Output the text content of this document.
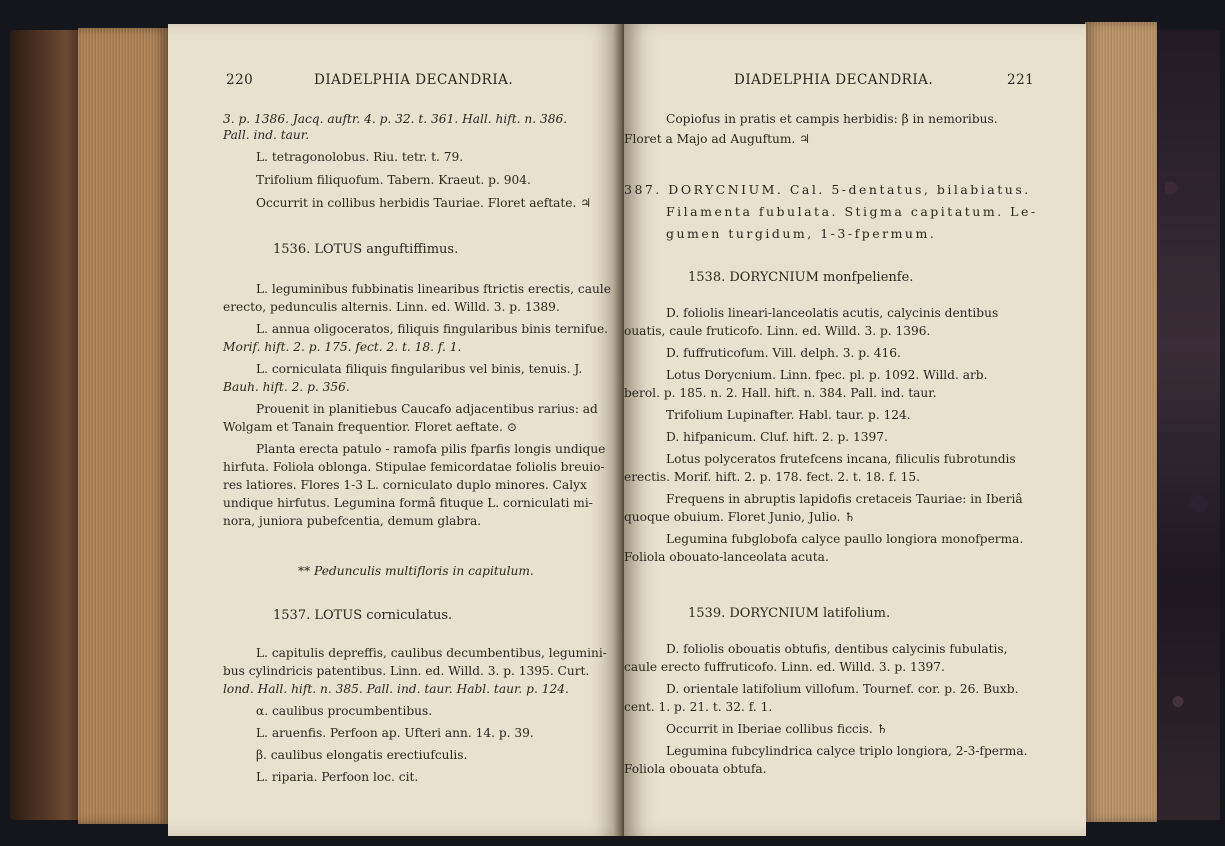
220	DIADELPHIA DECANDRIA.
3. p. 1386. Jacq. auftr. 4. p. 32. t. 361. Hall. hift. n. 386.
Pall. ind. taur.
L. tetragonolobus. Riu. tetr. t. 79.
Trifolium filiquofum. Tabern. Kraeut. p. 904.
Occurrit in collibus herbidis Tauriae. Floret aeftate. ♃
1536. LOTUS anguftiffimus.
L. leguminibus fubbinatis linearibus ftrictis erectis, caule
erecto, pedunculis alternis. Linn. ed. Willd. 3. p. 1389.
L. annua oligoceratos, filiquis fingularibus binis ternifue.
Morif. hift. 2. p. 175. fect. 2. t. 18. f. 1.
L. corniculata filiquis fingularibus vel binis, tenuis. J.
Bauh. hift. 2. p. 356.
Prouenit in planitiebus Caucafo adjacentibus rarius: ad
Wolgam et Tanain frequentior. Floret aeftate. ⊙
Planta erecta patulo - ramofa pilis fparfis longis undique
hirfuta. Foliola oblonga. Stipulae femicordatae foliolis breuio-
res latiores. Flores 1-3 L. corniculato duplo minores. Calyx
undique hirfutus. Legumina formâ fituque L. corniculati mi-
nora, juniora pubefcentia, demum glabra.
** Pedunculis multifloris in capitulum.
1537. LOTUS corniculatus.
L. capitulis depreffis, caulibus decumbentibus, legumini-
bus cylindricis patentibus. Linn. ed. Willd. 3. p. 1395. Curt.
lond. Hall. hift. n. 385. Pall. ind. taur. Habl. taur. p. 124.
α. caulibus procumbentibus.
L. aruenfis. Perfoon ap. Ufteri ann. 14. p. 39.
β. caulibus elongatis erectiufculis.
L. riparia. Perfoon loc. cit.
DIADELPHIA DECANDRIA.	221
Copiofus in pratis et campis herbidis: β in nemoribus.
Floret a Majo ad Auguftum. ♃
387. DORYCNIUM. Cal. 5-dentatus, bilabiatus.
Filamenta fubulata. Stigma capitatum. Le-
gumen turgidum, 1-3-fpermum.
1538. DORYCNIUM monfpelienfe.
D. foliolis lineari-lanceolatis acutis, calycinis dentibus
ouatis, caule fruticofo. Linn. ed. Willd. 3. p. 1396.
D. fuffruticofum. Vill. delph. 3. p. 416.
Lotus Dorycnium. Linn. fpec. pl. p. 1092. Willd. arb.
berol. p. 185. n. 2. Hall. hift. n. 384. Pall. ind. taur.
Trifolium Lupinafter. Habl. taur. p. 124.
D. hifpanicum. Cluf. hift. 2. p. 1397.
Lotus polyceratos frutefcens incana, filiculis fubrotundis
erectis. Morif. hift. 2. p. 178. fect. 2. t. 18. f. 15.
Frequens in abruptis lapidofis cretaceis Tauriae: in Iberiâ
quoque obuium. Floret Junio, Julio. ♄
Legumina fubglobofa calyce paullo longiora monofperma.
Foliola obouato-lanceolata acuta.
1539. DORYCNIUM latifolium.
D. foliolis obouatis obtufis, dentibus calycinis fubulatis,
caule erecto fuffruticofo. Linn. ed. Willd. 3. p. 1397.
D. orientale latifolium villofum. Tournef. cor. p. 26. Buxb.
cent. 1. p. 21. t. 32. f. 1.
Occurrit in Iberiae collibus ficcis. ♄
Legumina fubcylindrica calyce triplo longiora, 2-3-fperma.
Foliola obouata obtufa.
